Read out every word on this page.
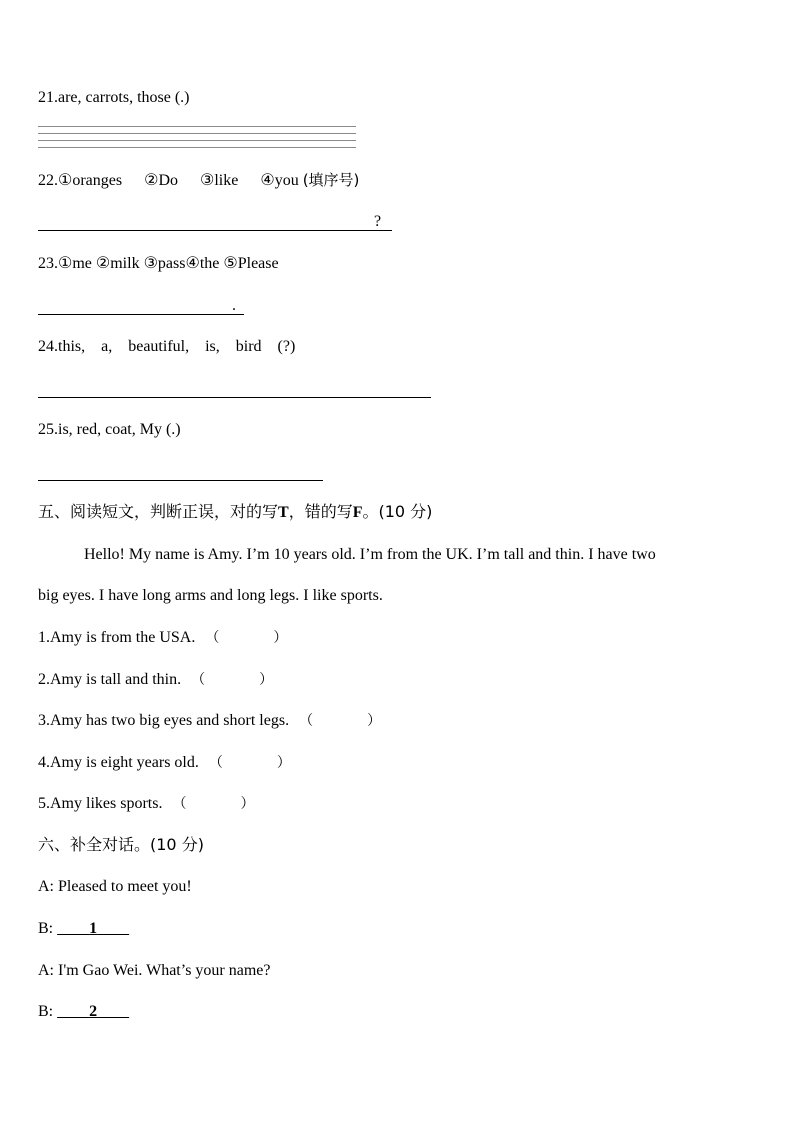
21.are, carrots, those (.)
22.①oranges ②Do ③like ④you (填序号)
?
23.①me ②milk ③pass④the ⑤Please
.
24.this,    a,    beautiful,    is,    bird    (?)
25.is, red, coat, My (.)
五、阅读短文，判断正误，对的写T，错的写F。(10 分)
Hello! My name is Amy. I’m 10 years old. I’m from the UK. I’m tall and thin. I have two
big eyes. I have long arms and long legs. I like sports.
1.Amy is from the USA. （	）
2.Amy is tall and thin. （	）
3.Amy has two big eyes and short legs. （	）
4.Amy is eight years old. （	）
5.Amy likes sports. （	）
六、补全对话。(10 分)
A: Pleased to meet you!
B: 1
A: I'm Gao Wei. What’s your name?
B: 2
